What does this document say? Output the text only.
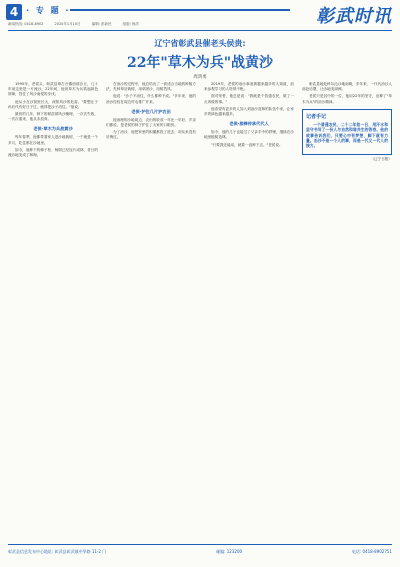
4 · 专 题 ·	彰武时讯
新闻热线: 0418-8902	2020年1月10日	编辑: 彭新民	组版: 杨洪
辽宁省彰武县催老头侯贵:
22年"草木为兵"战黄沙
周鸿勇

1995年，老侯头，彰武县章古台镇西部沙丘，几十年前这里是一片流沙，22年间，他用草木为兵筑起绿色屏障，挡住了风沙南侵的步伐。

他从小在沙窝里长大，深知风沙的危害。"要想让子孙后代有好日子过，就得把沙子治住。"他说。

最初的几年，种下的树苗被风沙掩埋，一次次失败，一次次重来，他从未放弃。

老侯·草木为兵战黄沙

每年春季，他都带着家人进沙地栽树，一干就是一个多月，吃住都在沙地里。

如今，他种下的樟子松、杨树已经连片成林，昔日的流沙地变成了林海。

在治沙的过程中，他总结出了一套适合当地的种植方法，先种草后栽树，用草固沙，用树挡风。

他说："沙子不治住，什么都种不成。"多年来，他的治沙经验在周边村屯推广开来。

老侯·护住几片护农田

他治理的沙地周边，农田的收成一年比一年好，乡亲们都说，是老侯的林子护住了大家的口粮田。

为了治沙，他把家里的积蓄都投了进去，却从来没有后悔过。

2019年，老侯的治沙事迹被越来越多的人知道，前来参观学习的人络绎不绝。

面对荣誉，他总是说："我就是个普通农民，做了一点该做的事。"

他希望有更多的人加入到治沙造林的队伍中来，让家乡的绿色越来越多。

老侯·接棒传承代代人

如今，他的儿子也接过了父亲手中的铁锹，继续在沙地里植树造林。

"只要我还能动，就要一直种下去。"老侯说。

彰武县地处科尔沁沙地南缘，多年来，一代代治沙人前赴后继，让沙地变绿洲。

老侯只是其中的一位，他用22年的坚守，诠释了"草木为兵"的治沙精神。

记者手记

一个普通农民，二十二年如一日，用汗水和坚守书写了一份人与自然和谐共生的答卷。他的故事告诉我们，只要心中有梦想，脚下就有力量。治沙不是一个人的事，而是一代又一代人的接力。

（辽宁日报）
彰武县信息发布中心地址: 彰武县彰武镇中华路 11-2 门	邮编: 123200	电话: 0418-8902751
